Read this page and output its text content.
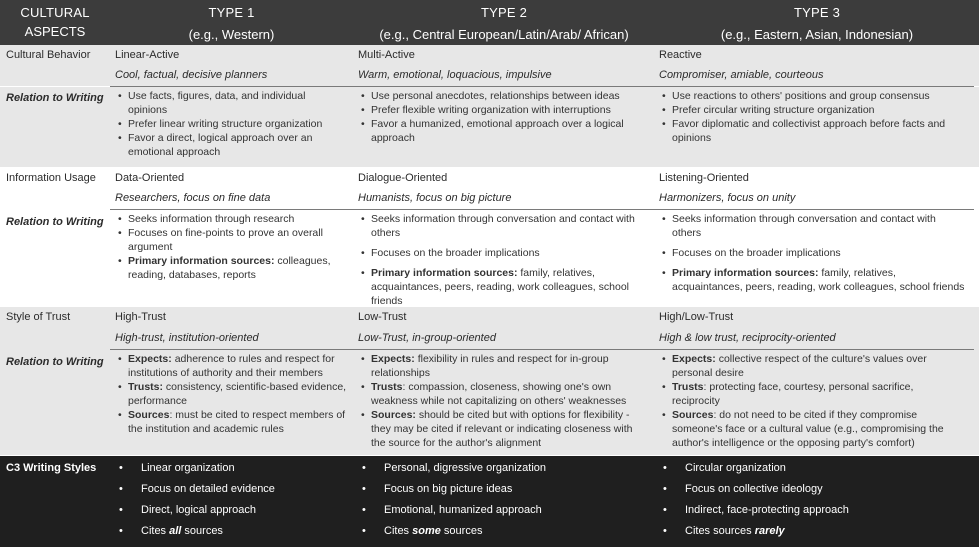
CULTURAL
ASPECTS
TYPE 1
(e.g., Western)
TYPE 2
(e.g., Central European/Latin/Arab/ African)
TYPE 3
(e.g., Eastern, Asian, Indonesian)
Cultural Behavior Linear-Active
Cool, factual, decisive planners
Multi-Active
Warm, emotional, loquacious, impulsive
Reactive
Compromiser, amiable, courteous
Relation to Writing • Use facts, figures, data, and individual
opinions
• Prefer linear writing structure organization
• Favor a direct, logical approach over an
emotional approach
• Use personal anecdotes, relationships between ideas
• Prefer flexible writing organization with interruptions
• Favor a humanized, emotional approach over a logical
approach
• Use reactions to others' positions and group consensus
• Prefer circular writing structure organization
• Favor diplomatic and collectivist approach before facts and
opinions
Information Usage Data-Oriented
Researchers, focus on fine data
Dialogue-Oriented
Humanists, focus on big picture
Listening-Oriented
Harmonizers, focus on unity
Relation to Writing • Seeks information through research
• Focuses on fine-points to prove an overall
argument
• Primary information sources: colleagues,
reading, databases, reports
• Seeks information through conversation and contact with
others
• Focuses on the broader implications
• Primary information sources: family, relatives,
acquaintances, peers, reading, work colleagues, school
friends
• Seeks information through conversation and contact with
others
• Focuses on the broader implications
• Primary information sources: family, relatives,
acquaintances, peers, reading, work colleagues, school friends
Style of Trust	High-Trust
High-trust, institution-oriented
Low-Trust
Low-Trust, in-group-oriented
High/Low-Trust
High & low trust, reciprocity-oriented
Relation to Writing • Expects: adherence to rules and respect for
institutions of authority and their members
• Trusts: consistency, scientific-based evidence,
performance
• Sources: must be cited to respect members of
the institution and academic rules
• Expects: flexibility in rules and respect for in-group
relationships
• Trusts: compassion, closeness, showing one's own
weakness while not capitalizing on others' weaknesses
• Sources: should be cited but with options for flexibility -
they may be cited if relevant or indicating closeness with
the source for the author's alignment
• Expects: collective respect of the culture's values over
personal desire
• Trusts: protecting face, courtesy, personal sacrifice,
reciprocity
• Sources: do not need to be cited if they compromise
someone's face or a cultural value (e.g., compromising the
author's intelligence or the opposing party's comfort)
C3 Writing Styles • Linear organization
• Focus on detailed evidence
• Direct, logical approach
• Cites all sources
• Personal, digressive organization
• Focus on big picture ideas
• Emotional, humanized approach
• Cites some sources
• Circular organization
• Focus on collective ideology
• Indirect, face-protecting approach
• Cites sources rarely
